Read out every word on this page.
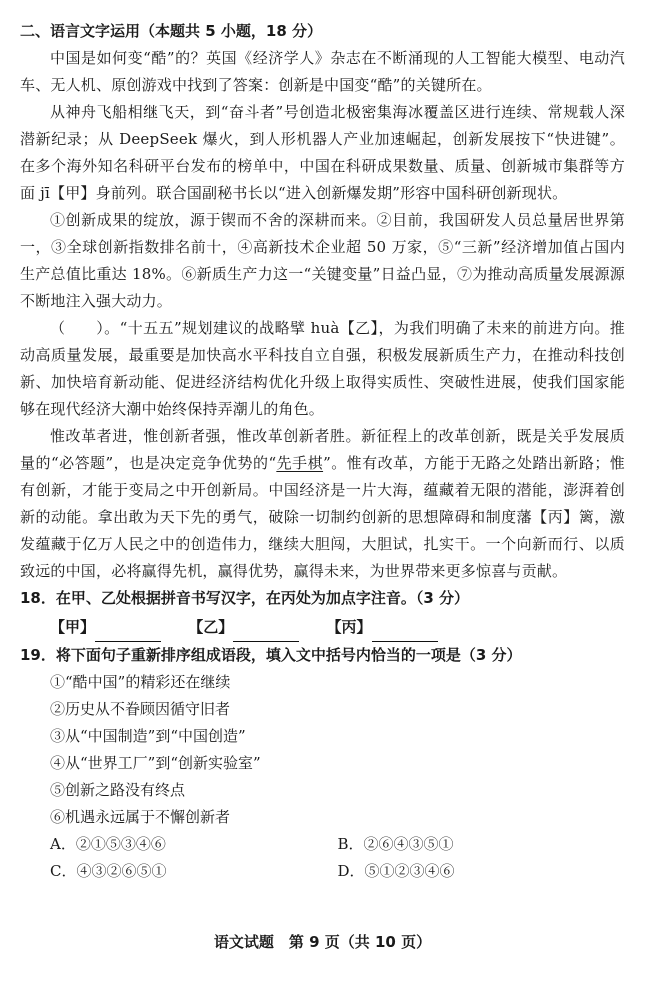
二、语言文字运用（本题共 5 小题，18 分）

中国是如何变“酷”的？英国《经济学人》杂志在不断涌现的人工智能大模型、电动汽车、无人机、原创游戏中找到了答案：创新是中国变“酷”的关键所在。

从神舟飞船相继飞天，到“奋斗者”号创造北极密集海冰覆盖区进行连续、常规载人深潜新纪录；从 DeepSeek 爆火，到人形机器人产业加速崛起，创新发展按下“快进键”。在多个海外知名科研平台发布的榜单中，中国在科研成果数量、质量、创新城市集群等方面 jī【甲】身前列。联合国副秘书长以“进入创新爆发期”形容中国科研创新现状。

①创新成果的绽放，源于锲而不舍的深耕而来。②目前，我国研发人员总量居世界第一，③全球创新指数排名前十，④高新技术企业超 50 万家，⑤“三新”经济增加值占国内生产总值比重达 18%。⑥新质生产力这一“关键变量”日益凸显，⑦为推动高质量发展源源不断地注入强大动力。

（　　）。“十五五”规划建议的战略擘 huà【乙】，为我们明确了未来的前进方向。推动高质量发展，最重要是加快高水平科技自立自强，积极发展新质生产力，在推动科技创新、加快培育新动能、促进经济结构优化升级上取得实质性、突破性进展，使我们国家能够在现代经济大潮中始终保持弄潮儿的角色。

惟改革者进，惟创新者强，惟改革创新者胜。新征程上的改革创新，既是关乎发展质量的“必答题”，也是决定竞争优势的“先手棋”。惟有改革，方能于无路之处踏出新路；惟有创新，才能于变局之中开创新局。中国经济是一片大海，蕴藏着无限的潜能，澎湃着创新的动能。拿出敢为天下先的勇气，破除一切制约创新的思想障碍和制度藩【丙】篱，激发蕴藏于亿万人民之中的创造伟力，继续大胆闯，大胆试，扎实干。一个向新而行、以质致远的中国，必将赢得先机，赢得优势，赢得未来，为世界带来更多惊喜与贡献。

18．在甲、乙处根据拼音书写汉字，在丙处为加点字注音。（3 分）

【甲】	【乙】	【丙】

19．将下面句子重新排序组成语段，填入文中括号内恰当的一项是（3 分）

①“酷中国”的精彩还在继续

②历史从不眷顾因循守旧者

③从“中国制造”到“中国创造”

④从“世界工厂”到“创新实验室”

⑤创新之路没有终点

⑥机遇永远属于不懈创新者

A．②①⑤③④⑥	B．②⑥④③⑤①
C．④③②⑥⑤①	D．⑤①②③④⑥
语文试题　第 9 页（共 10 页）
